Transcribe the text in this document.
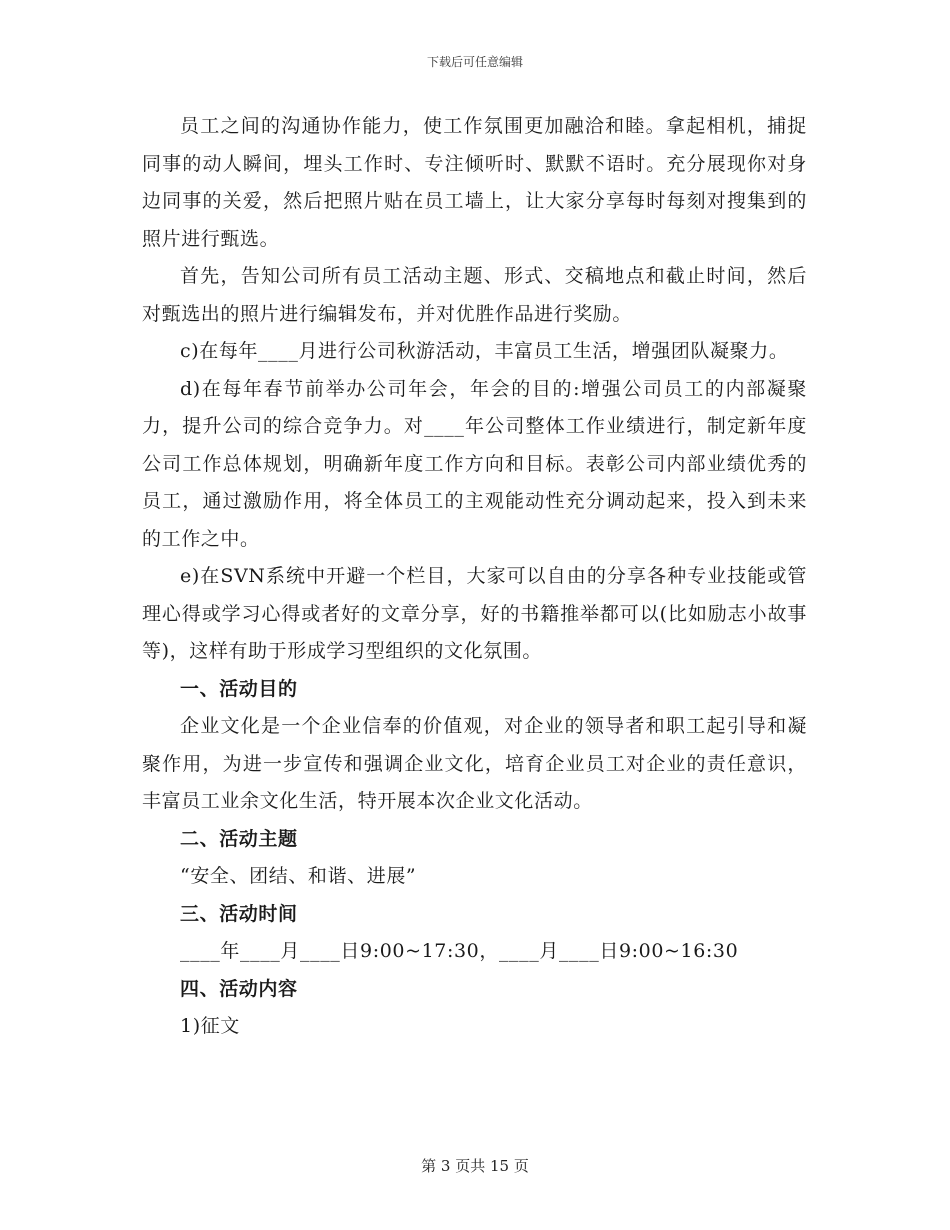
下载后可任意编辑

员工之间的沟通协作能力，使工作氛围更加融洽和睦。拿起相机，捕捉同事的动人瞬间，埋头工作时、专注倾听时、默默不语时。充分展现你对身边同事的关爱，然后把照片贴在员工墙上，让大家分享每时每刻对搜集到的照片进行甄选。

首先，告知公司所有员工活动主题、形式、交稿地点和截止时间，然后对甄选出的照片进行编辑发布，并对优胜作品进行奖励。

c)在每年____月进行公司秋游活动，丰富员工生活，增强团队凝聚力。

d)在每年春节前举办公司年会，年会的目的:增强公司员工的内部凝聚力，提升公司的综合竞争力。对____年公司整体工作业绩进行，制定新年度公司工作总体规划，明确新年度工作方向和目标。表彰公司内部业绩优秀的员工，通过激励作用，将全体员工的主观能动性充分调动起来，投入到未来的工作之中。

e)在SVN系统中开避一个栏目，大家可以自由的分享各种专业技能或管理心得或学习心得或者好的文章分享，好的书籍推举都可以(比如励志小故事等)，这样有助于形成学习型组织的文化氛围。

一、活动目的

企业文化是一个企业信奉的价值观，对企业的领导者和职工起引导和凝聚作用，为进一步宣传和强调企业文化，培育企业员工对企业的责任意识，丰富员工业余文化生活，特开展本次企业文化活动。

二、活动主题

“安全、团结、和谐、进展”

三、活动时间

____年____月____日9:00~17:30，____月____日9:00~16:30

四、活动内容

1)征文

第 3 页共 15 页
